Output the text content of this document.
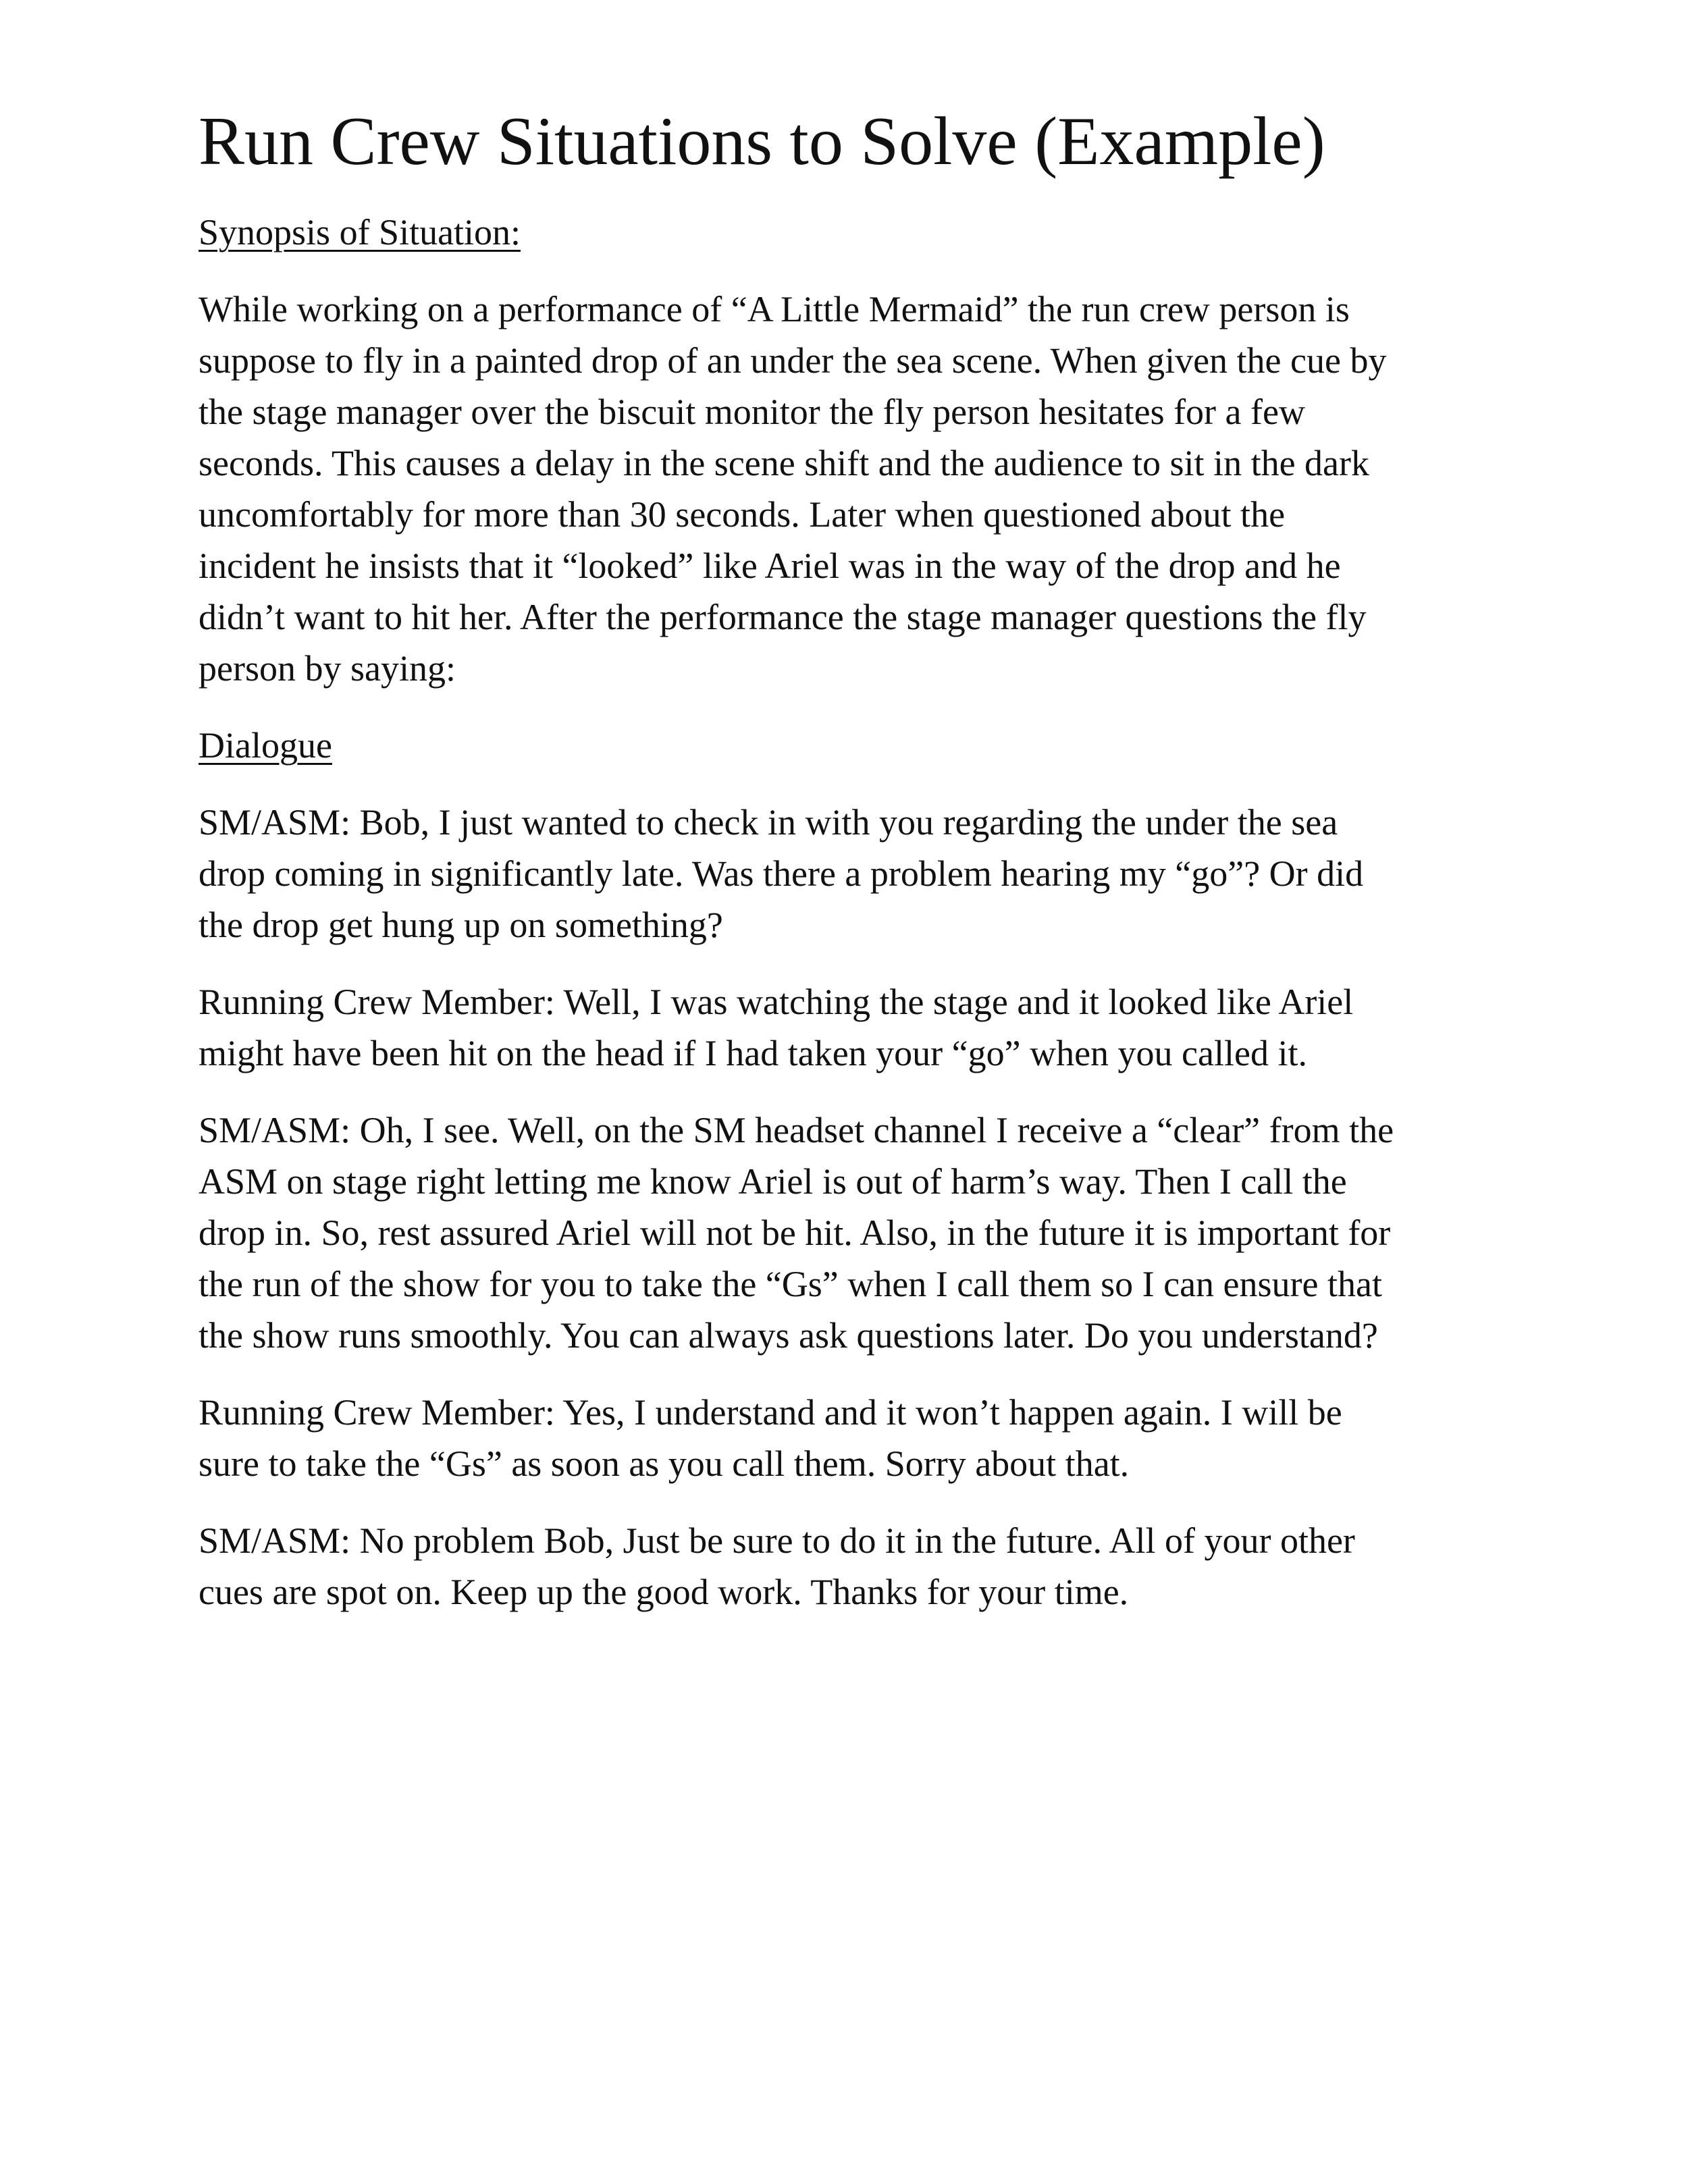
Run Crew Situations to Solve (Example)
Synopsis of Situation:
While working on a performance of “A Little Mermaid” the run crew person is
suppose to fly in a painted drop of an under the sea scene. When given the cue by
the stage manager over the biscuit monitor the fly person hesitates for a few
seconds. This causes a delay in the scene shift and the audience to sit in the dark
uncomfortably for more than 30 seconds. Later when questioned about the
incident he insists that it “looked” like Ariel was in the way of the drop and he
didn’t want to hit her. After the performance the stage manager questions the fly
person by saying:
Dialogue
SM/ASM: Bob, I just wanted to check in with you regarding the under the sea
drop coming in significantly late. Was there a problem hearing my “go”? Or did
the drop get hung up on something?
Running Crew Member: Well, I was watching the stage and it looked like Ariel
might have been hit on the head if I had taken your “go” when you called it.
SM/ASM: Oh, I see. Well, on the SM headset channel I receive a “clear” from the
ASM on stage right letting me know Ariel is out of harm’s way. Then I call the
drop in. So, rest assured Ariel will not be hit. Also, in the future it is important for
the run of the show for you to take the “Gs” when I call them so I can ensure that
the show runs smoothly. You can always ask questions later. Do you understand?
Running Crew Member: Yes, I understand and it won’t happen again. I will be
sure to take the “Gs” as soon as you call them. Sorry about that.
SM/ASM: No problem Bob, Just be sure to do it in the future. All of your other
cues are spot on. Keep up the good work. Thanks for your time.
